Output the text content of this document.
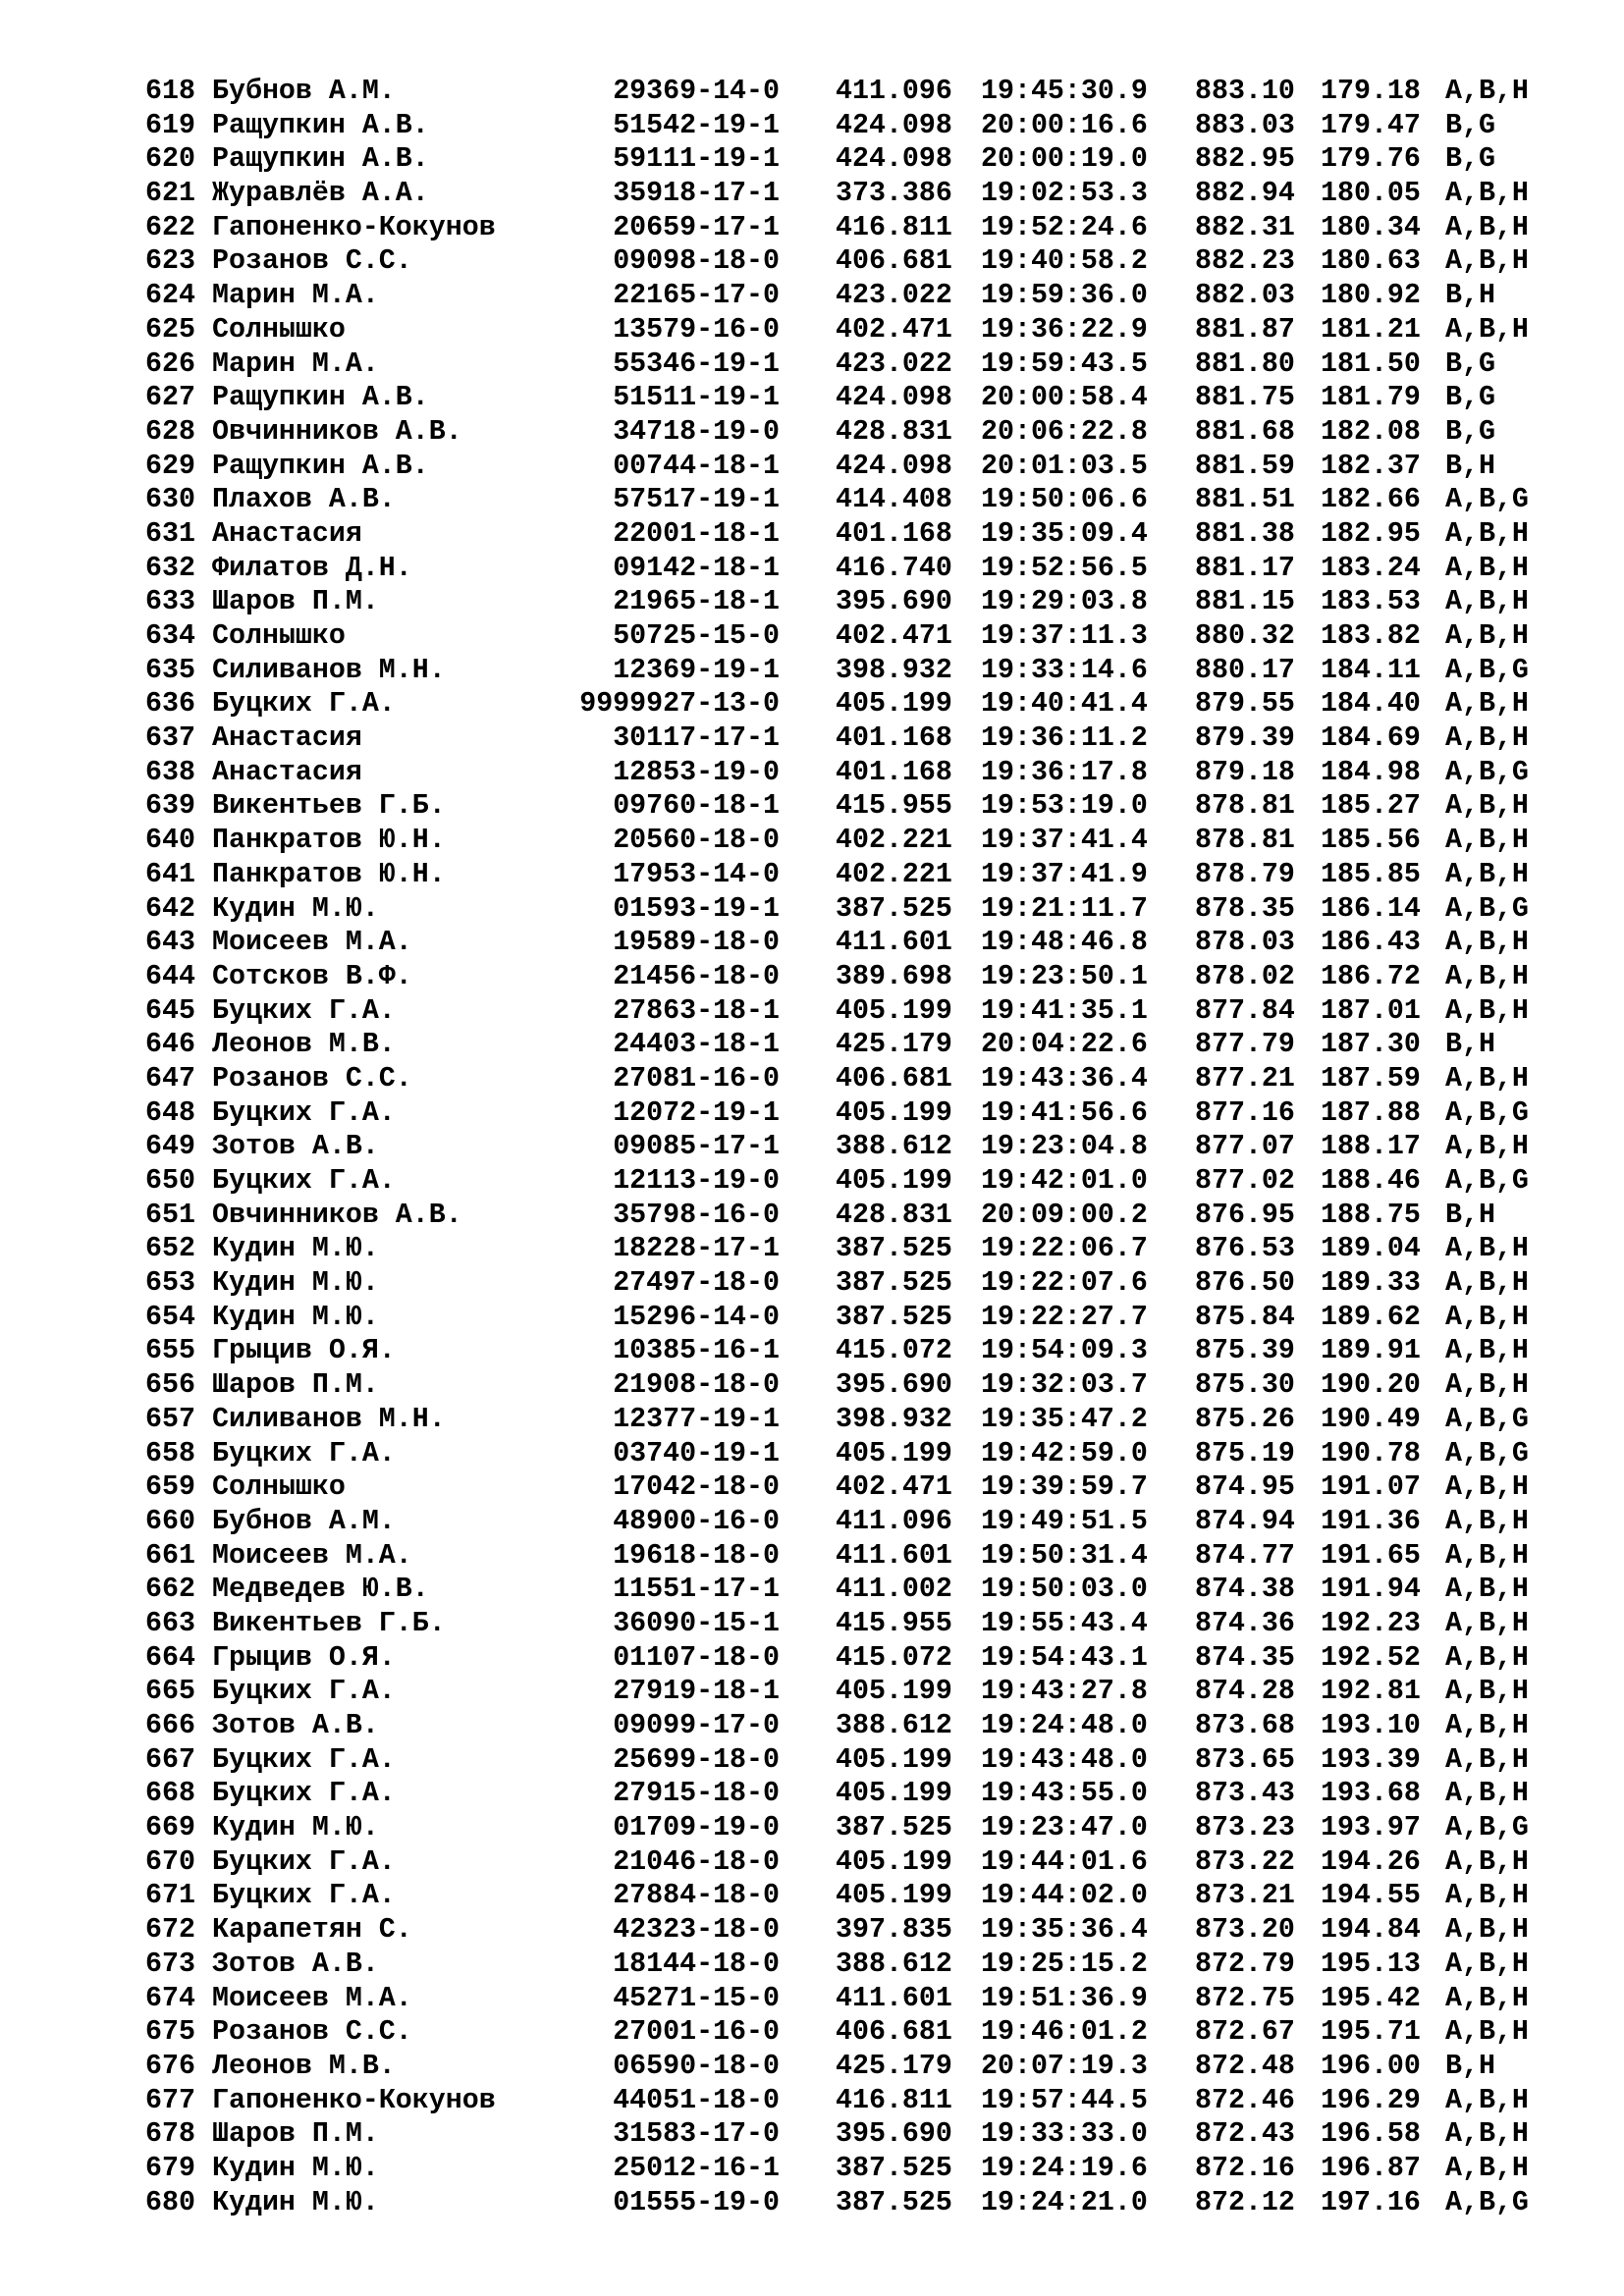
618 Бубнов А.М.	29369-14-0 411.096 19:45:30.9 883.10 179.18 A,B,H
619 Ращупкин А.В.	51542-19-1 424.098 20:00:16.6 883.03 179.47 B,G
620 Ращупкин А.В.	59111-19-1 424.098 20:00:19.0 882.95 179.76 B,G
621 Журавлёв А.А.	35918-17-1 373.386 19:02:53.3 882.94 180.05 A,B,H
622 Гапоненко-Кокунов	20659-17-1 416.811 19:52:24.6 882.31 180.34 A,B,H
623 Розанов С.С.	09098-18-0 406.681 19:40:58.2 882.23 180.63 A,B,H
624 Марин М.А.	22165-17-0 423.022 19:59:36.0 882.03 180.92 B,H
625 Солнышко	13579-16-0 402.471 19:36:22.9 881.87 181.21 A,B,H
626 Марин М.А.	55346-19-1 423.022 19:59:43.5 881.80 181.50 B,G
627 Ращупкин А.В.	51511-19-1 424.098 20:00:58.4 881.75 181.79 B,G
628 Овчинников А.В.	34718-19-0 428.831 20:06:22.8 881.68 182.08 B,G
629 Ращупкин А.В.	00744-18-1 424.098 20:01:03.5 881.59 182.37 B,H
630 Плахов А.В.	57517-19-1 414.408 19:50:06.6 881.51 182.66 A,B,G
631 Анастасия	22001-18-1 401.168 19:35:09.4 881.38 182.95 A,B,H
632 Филатов Д.Н.	09142-18-1 416.740 19:52:56.5 881.17 183.24 A,B,H
633 Шаров П.М.	21965-18-1 395.690 19:29:03.8 881.15 183.53 A,B,H
634 Солнышко	50725-15-0 402.471 19:37:11.3 880.32 183.82 A,B,H
635 Силиванов М.Н.	12369-19-1 398.932 19:33:14.6 880.17 184.11 A,B,G
636 Буцких Г.А.	9999927-13-0 405.199 19:40:41.4 879.55 184.40 A,B,H
637 Анастасия	30117-17-1 401.168 19:36:11.2 879.39 184.69 A,B,H
638 Анастасия	12853-19-0 401.168 19:36:17.8 879.18 184.98 A,B,G
639 Викентьев Г.Б.	09760-18-1 415.955 19:53:19.0 878.81 185.27 A,B,H
640 Панкратов Ю.Н.	20560-18-0 402.221 19:37:41.4 878.81 185.56 A,B,H
641 Панкратов Ю.Н.	17953-14-0 402.221 19:37:41.9 878.79 185.85 A,B,H
642 Кудин М.Ю.	01593-19-1 387.525 19:21:11.7 878.35 186.14 A,B,G
643 Моисеев М.А.	19589-18-0 411.601 19:48:46.8 878.03 186.43 A,B,H
644 Сотсков В.Ф.	21456-18-0 389.698 19:23:50.1 878.02 186.72 A,B,H
645 Буцких Г.А.	27863-18-1 405.199 19:41:35.1 877.84 187.01 A,B,H
646 Леонов М.В.	24403-18-1 425.179 20:04:22.6 877.79 187.30 B,H
647 Розанов С.С.	27081-16-0 406.681 19:43:36.4 877.21 187.59 A,B,H
648 Буцких Г.А.	12072-19-1 405.199 19:41:56.6 877.16 187.88 A,B,G
649 Зотов А.В.	09085-17-1 388.612 19:23:04.8 877.07 188.17 A,B,H
650 Буцких Г.А.	12113-19-0 405.199 19:42:01.0 877.02 188.46 A,B,G
651 Овчинников А.В.	35798-16-0 428.831 20:09:00.2 876.95 188.75 B,H
652 Кудин М.Ю.	18228-17-1 387.525 19:22:06.7 876.53 189.04 A,B,H
653 Кудин М.Ю.	27497-18-0 387.525 19:22:07.6 876.50 189.33 A,B,H
654 Кудин М.Ю.	15296-14-0 387.525 19:22:27.7 875.84 189.62 A,B,H
655 Грыцив О.Я.	10385-16-1 415.072 19:54:09.3 875.39 189.91 A,B,H
656 Шаров П.М.	21908-18-0 395.690 19:32:03.7 875.30 190.20 A,B,H
657 Силиванов М.Н.	12377-19-1 398.932 19:35:47.2 875.26 190.49 A,B,G
658 Буцких Г.А.	03740-19-1 405.199 19:42:59.0 875.19 190.78 A,B,G
659 Солнышко	17042-18-0 402.471 19:39:59.7 874.95 191.07 A,B,H
660 Бубнов А.М.	48900-16-0 411.096 19:49:51.5 874.94 191.36 A,B,H
661 Моисеев М.А.	19618-18-0 411.601 19:50:31.4 874.77 191.65 A,B,H
662 Медведев Ю.В.	11551-17-1 411.002 19:50:03.0 874.38 191.94 A,B,H
663 Викентьев Г.Б.	36090-15-1 415.955 19:55:43.4 874.36 192.23 A,B,H
664 Грыцив О.Я.	01107-18-0 415.072 19:54:43.1 874.35 192.52 A,B,H
665 Буцких Г.А.	27919-18-1 405.199 19:43:27.8 874.28 192.81 A,B,H
666 Зотов А.В.	09099-17-0 388.612 19:24:48.0 873.68 193.10 A,B,H
667 Буцких Г.А.	25699-18-0 405.199 19:43:48.0 873.65 193.39 A,B,H
668 Буцких Г.А.	27915-18-0 405.199 19:43:55.0 873.43 193.68 A,B,H
669 Кудин М.Ю.	01709-19-0 387.525 19:23:47.0 873.23 193.97 A,B,G
670 Буцких Г.А.	21046-18-0 405.199 19:44:01.6 873.22 194.26 A,B,H
671 Буцких Г.А.	27884-18-0 405.199 19:44:02.0 873.21 194.55 A,B,H
672 Карапетян С.	42323-18-0 397.835 19:35:36.4 873.20 194.84 A,B,H
673 Зотов А.В.	18144-18-0 388.612 19:25:15.2 872.79 195.13 A,B,H
674 Моисеев М.А.	45271-15-0 411.601 19:51:36.9 872.75 195.42 A,B,H
675 Розанов С.С.	27001-16-0 406.681 19:46:01.2 872.67 195.71 A,B,H
676 Леонов М.В.	06590-18-0 425.179 20:07:19.3 872.48 196.00 B,H
677 Гапоненко-Кокунов	44051-18-0 416.811 19:57:44.5 872.46 196.29 A,B,H
678 Шаров П.М.	31583-17-0 395.690 19:33:33.0 872.43 196.58 A,B,H
679 Кудин М.Ю.	25012-16-1 387.525 19:24:19.6 872.16 196.87 A,B,H
680 Кудин М.Ю.	01555-19-0 387.525 19:24:21.0 872.12 197.16 A,B,G
